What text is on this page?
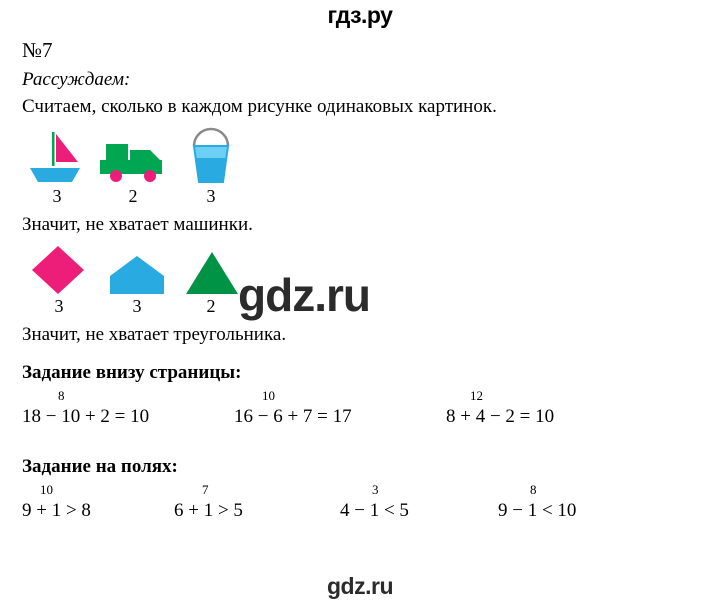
гдз.ру
№7
Рассуждаем:
Считаем, сколько в каждом рисунке одинаковых картинок.
3	2	3
Значит, не хватает машинки.
3	3	2
Значит, не хватает треугольника.
Задание внизу страницы:
8
18 − 10 + 2 = 10
10
16 − 6 + 7 = 17
12
8 + 4 − 2 = 10
Задание на полях:
10
9 + 1 > 8
7
6 + 1 > 5
3
4 − 1 < 5
8
9 − 1 < 10
gdz.ru
gdz.ru
